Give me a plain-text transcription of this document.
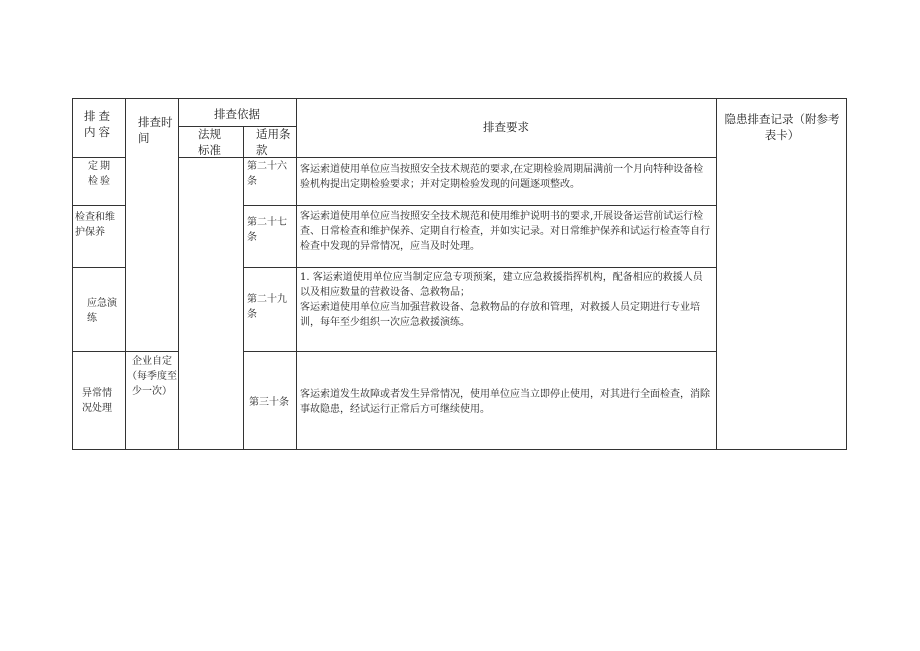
排查内容
排查时间
排查依据
法规标准
适用条款
排查要求
隐患排查记录（附参考表卡）
定期检验
第二十六条
客运索道使用单位应当按照安全技术规范的要求,在定期检验周期届满前一个月向特种设备检验机构提出定期检验要求；并对定期检验发现的问题逐项整改。
检查和维护保养
第二十七条
客运索道使用单位应当按照安全技术规范和使用维护说明书的要求,开展设备运营前试运行检查、日常检查和维护保养、定期自行检查，并如实记录。对日常维护保养和试运行检查等自行检查中发现的异常情况，应当及时处理。
应急演练
第二十九条
1. 客运索道使用单位应当制定应急专项预案，建立应急救援指挥机构，配备相应的救援人员以及相应数量的营救设备、急救物品；
客运索道使用单位应当加强营救设备、急救物品的存放和管理，对救援人员定期进行专业培训，每年至少组织一次应急救援演练。
异常情况处理
企业自定（每季度至少一次）
第三十条
客运索道发生故障或者发生异常情况，使用单位应当立即停止使用，对其进行全面检查，消除事故隐患，经试运行正常后方可继续使用。
